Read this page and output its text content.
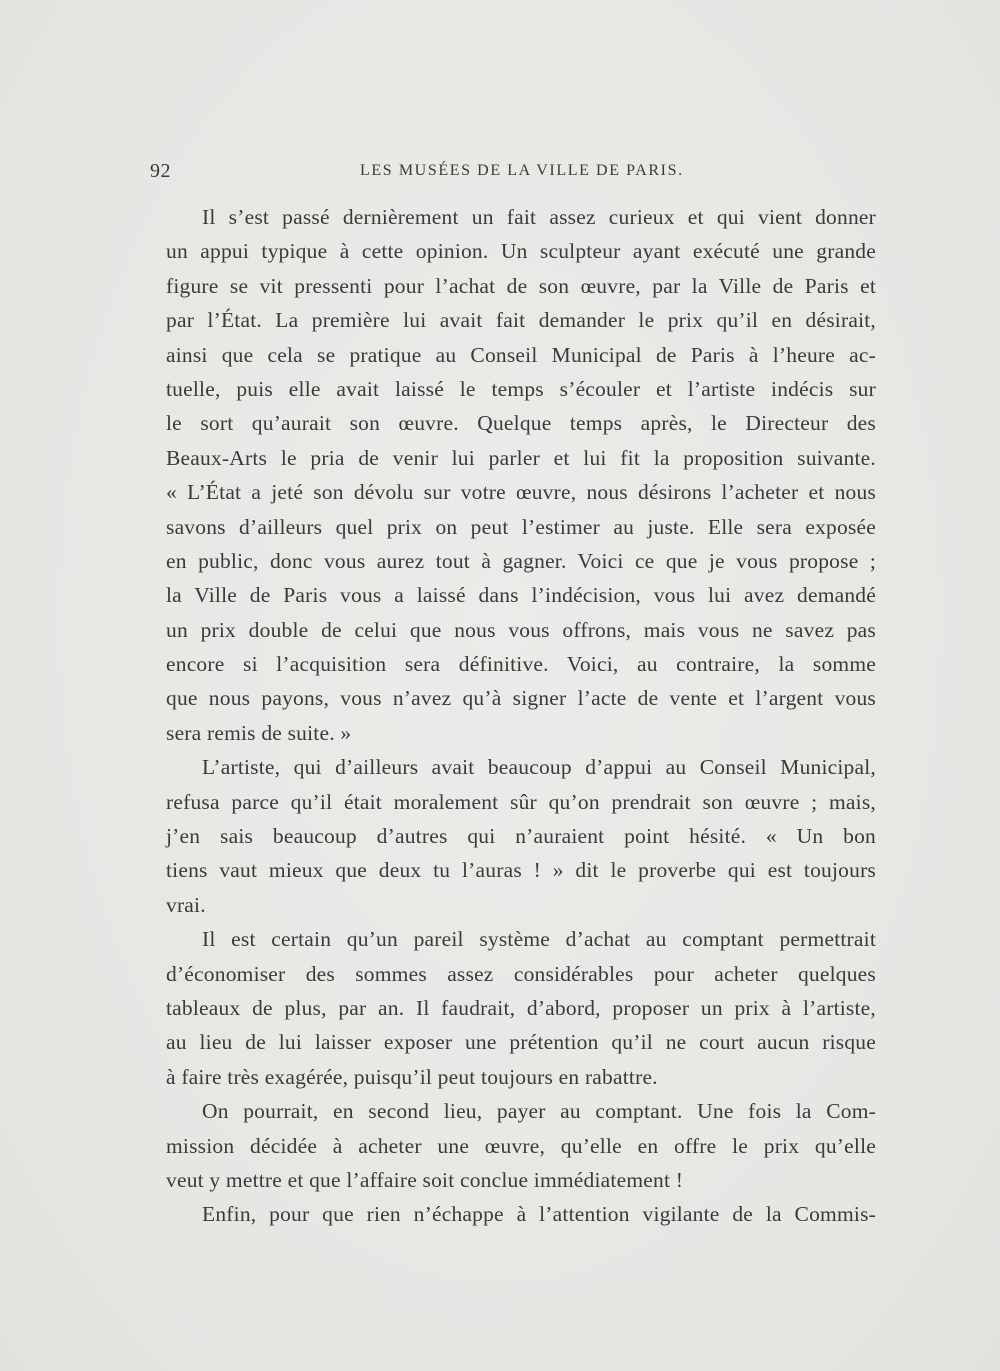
92	LES MUSÉES DE LA VILLE DE PARIS.
Il s’est passé dernièrement un fait assez curieux et qui vient donner
un appui typique à cette opinion. Un sculpteur ayant exécuté une grande
figure se vit pressenti pour l’achat de son œuvre, par la Ville de Paris et
par l’État. La première lui avait fait demander le prix qu’il en désirait,
ainsi que cela se pratique au Conseil Municipal de Paris à l’heure ac-
tuelle, puis elle avait laissé le temps s’écouler et l’artiste indécis sur
le sort qu’aurait son œuvre. Quelque temps après, le Directeur des
Beaux-Arts le pria de venir lui parler et lui fit la proposition suivante.
« L’État a jeté son dévolu sur votre œuvre, nous désirons l’acheter et nous
savons d’ailleurs quel prix on peut l’estimer au juste. Elle sera exposée
en public, donc vous aurez tout à gagner. Voici ce que je vous propose ;
la Ville de Paris vous a laissé dans l’indécision, vous lui avez demandé
un prix double de celui que nous vous offrons, mais vous ne savez pas
encore si l’acquisition sera définitive. Voici, au contraire, la somme
que nous payons, vous n’avez qu’à signer l’acte de vente et l’argent vous
sera remis de suite. »
L’artiste, qui d’ailleurs avait beaucoup d’appui au Conseil Municipal,
refusa parce qu’il était moralement sûr qu’on prendrait son œuvre ; mais,
j’en sais beaucoup d’autres qui n’auraient point hésité. « Un bon
tiens vaut mieux que deux tu l’auras ! » dit le proverbe qui est toujours
vrai.
Il est certain qu’un pareil système d’achat au comptant permettrait
d’économiser des sommes assez considérables pour acheter quelques
tableaux de plus, par an. Il faudrait, d’abord, proposer un prix à l’artiste,
au lieu de lui laisser exposer une prétention qu’il ne court aucun risque
à faire très exagérée, puisqu’il peut toujours en rabattre.
On pourrait, en second lieu, payer au comptant. Une fois la Com-
mission décidée à acheter une œuvre, qu’elle en offre le prix qu’elle
veut y mettre et que l’affaire soit conclue immédiatement !
Enfin, pour que rien n’échappe à l’attention vigilante de la Commis-
